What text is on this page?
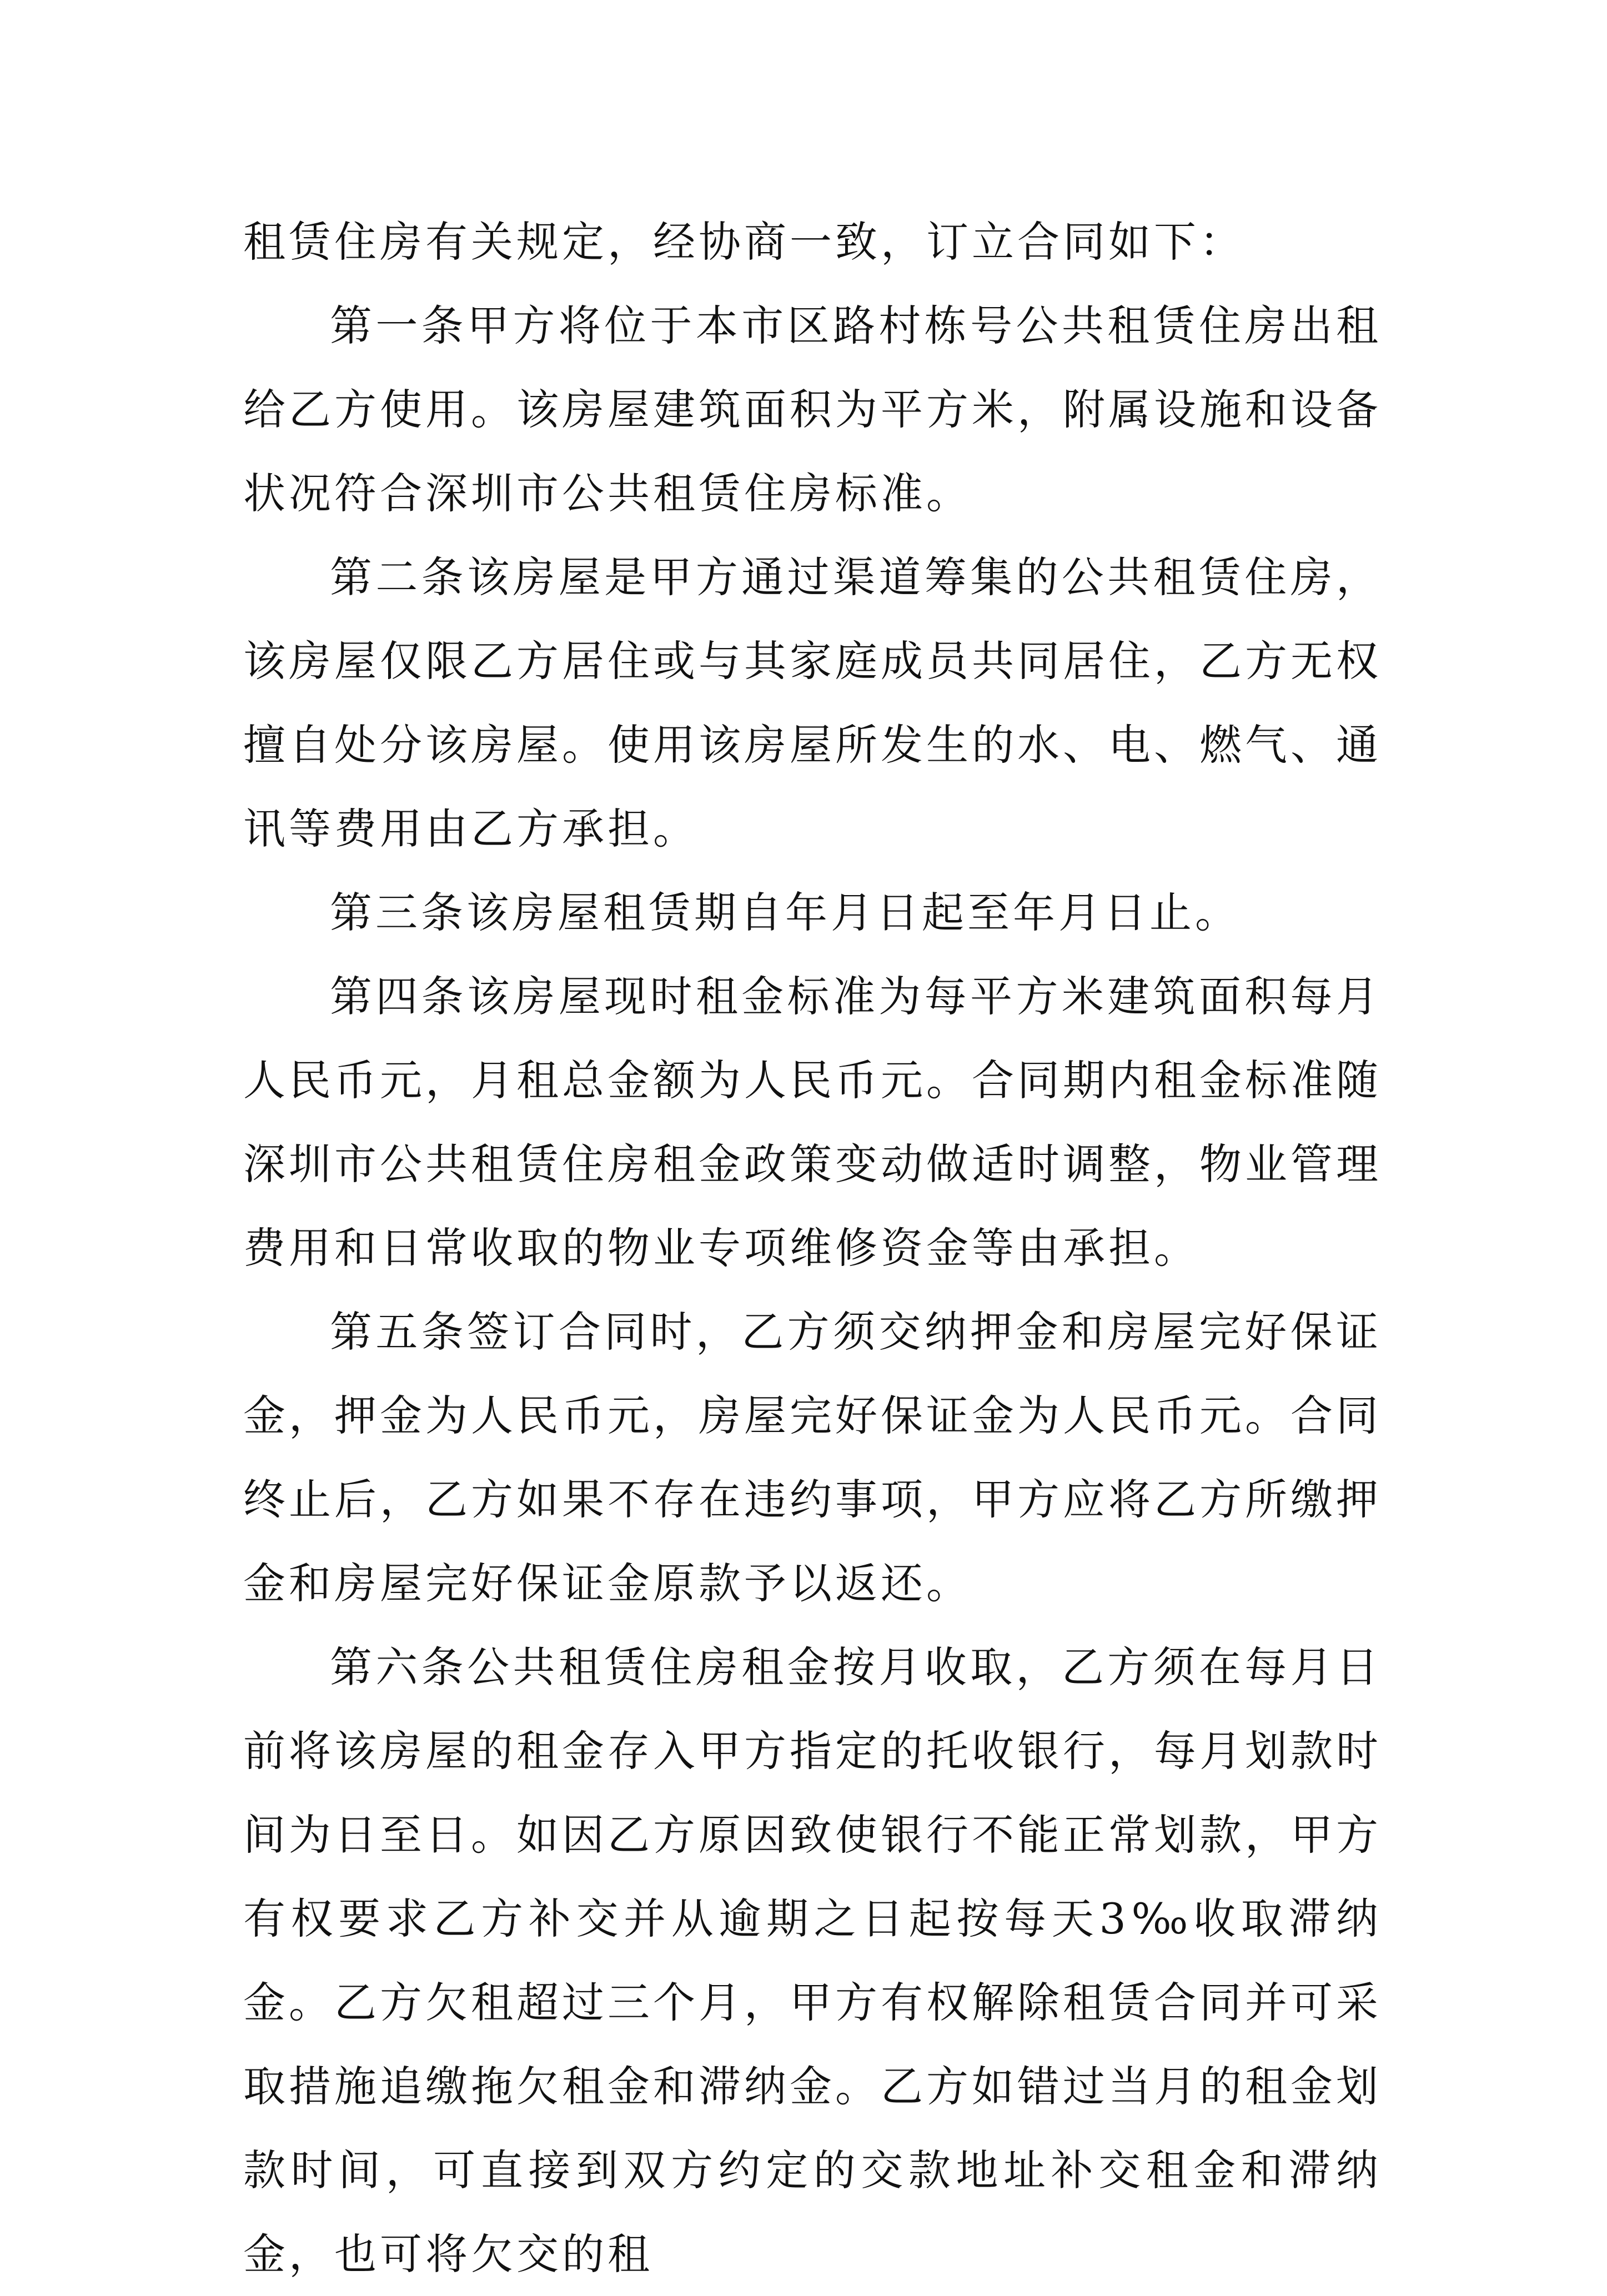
租赁住房有关规定，经协商一致，订立合同如下：

第一条甲方将位于本市区路村栋号公共租赁住房出租给乙方使用。该房屋建筑面积为平方米，附属设施和设备状况符合深圳市公共租赁住房标准。

第二条该房屋是甲方通过渠道筹集的公共租赁住房，该房屋仅限乙方居住或与其家庭成员共同居住，乙方无权擅自处分该房屋。使用该房屋所发生的水、电、燃气、通讯等费用由乙方承担。

第三条该房屋租赁期自年月日起至年月日止。

第四条该房屋现时租金标准为每平方米建筑面积每月人民币元，月租总金额为人民币元。合同期内租金标准随深圳市公共租赁住房租金政策变动做适时调整，物业管理费用和日常收取的物业专项维修资金等由承担。

第五条签订合同时，乙方须交纳押金和房屋完好保证金，押金为人民币元，房屋完好保证金为人民币元。合同终止后，乙方如果不存在违约事项，甲方应将乙方所缴押金和房屋完好保证金原款予以返还。

第六条公共租赁住房租金按月收取，乙方须在每月日前将该房屋的租金存入甲方指定的托收银行，每月划款时间为日至日。如因乙方原因致使银行不能正常划款，甲方有权要求乙方补交并从逾期之日起按每天3‰收取滞纳金。乙方欠租超过三个月，甲方有权解除租赁合同并可采取措施追缴拖欠租金和滞纳金。乙方如错过当月的租金划款时间，可直接到双方约定的交款地址补交租金和滞纳金，也可将欠交的租
